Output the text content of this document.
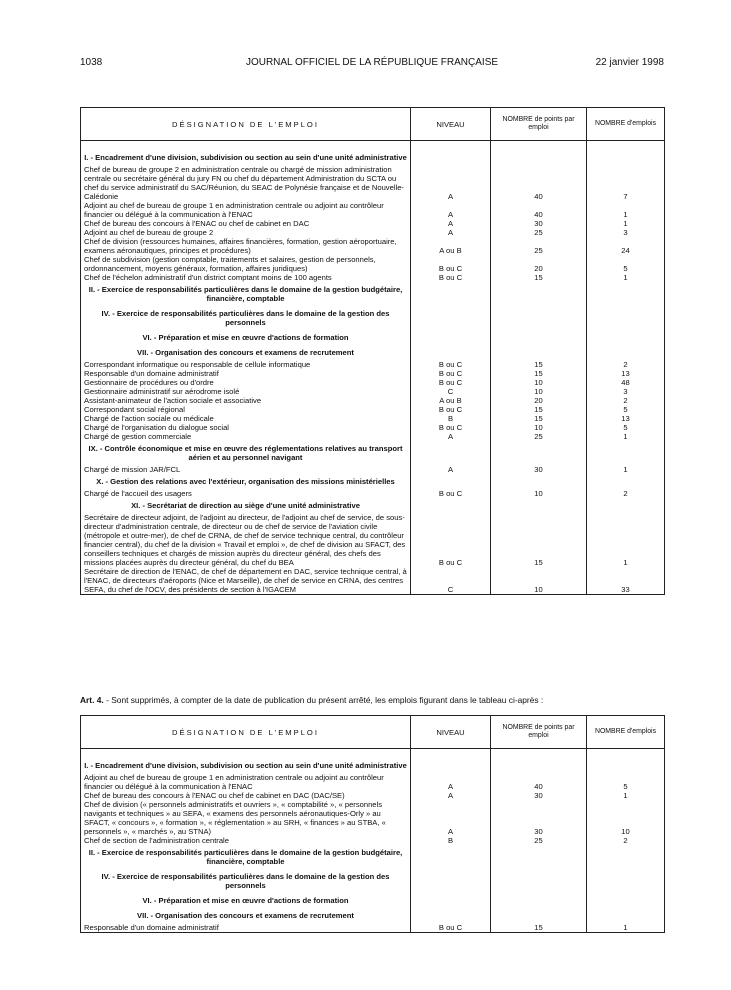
1038	JOURNAL OFFICIEL DE LA RÉPUBLIQUE FRANÇAISE	22 janvier 1998
DÉSIGNATION DE L'EMPLOI	NIVEAU	NOMBRE de points par emploi	NOMBRE d'emplois

I. - Encadrement d'une division, subdivision ou section au sein d'une unité administrative			
Chef de bureau de groupe 2 en administration centrale ou chargé de mission administration centrale ou secrétaire général du jury FN ou chef du département Administration du SCTA ou chef du service administratif du SAC/Réunion, du SEAC de Polynésie française et de Nouvelle-Calédonie	A	40	7
Adjoint au chef de bureau de groupe 1 en administration centrale ou adjoint au contrôleur financier ou délégué à la communication à l'ENAC	A	40	1
Chef de bureau des concours à l'ENAC ou chef de cabinet en DAC	A	30	1
Adjoint au chef de bureau de groupe 2	A	25	3
Chef de division (ressources humaines, affaires financières, formation, gestion aéroportuaire, examens aéronautiques, principes et procédures)	A ou B	25	24
Chef de subdivision (gestion comptable, traitements et salaires, gestion de personnels, ordonnancement, moyens généraux, formation, affaires juridiques)	B ou C	20	5
Chef de l'échelon administratif d'un district comptant moins de 100 agents	B ou C	15	1
II. - Exercice de responsabilités particulières dans le domaine de la gestion budgétaire, financière, comptable			
IV. - Exercice de responsabilités particulières dans le domaine de la gestion des personnels			
VI. - Préparation et mise en œuvre d'actions de formation			
VII. - Organisation des concours et examens de recrutement			
Correspondant informatique ou responsable de cellule informatique	B ou C	15	2
Responsable d'un domaine administratif	B ou C	15	13
Gestionnaire de procédures ou d'ordre	B ou C	10	48
Gestionnaire administratif sur aérodrome isolé	C	10	3
Assistant-animateur de l'action sociale et associative	A ou B	20	2
Correspondant social régional	B ou C	15	5
Chargé de l'action sociale ou médicale	B	15	13
Chargé de l'organisation du dialogue social	B ou C	10	5
Chargé de gestion commerciale	A	25	1
IX. - Contrôle économique et mise en œuvre des réglementations relatives au transport aérien et au personnel navigant			
Chargé de mission JAR/FCL	A	30	1
X. - Gestion des relations avec l'extérieur, organisation des missions ministérielles			
Chargé de l'accueil des usagers	B ou C	10	2
XI. - Secrétariat de direction au siège d'une unité administrative			
Secrétaire de directeur adjoint, de l'adjoint au directeur, de l'adjoint au chef de service, de sous-directeur d'administration centrale, de directeur ou de chef de service de l'aviation civile (métropole et outre-mer), de chef de CRNA, de chef de service technique central, du contrôleur financier central), du chef de la division « Travail et emploi », de chef de division au SFACT, des conseillers techniques et chargés de mission auprès du directeur général, des chefs des missions placées auprès du directeur général, du chef du BEA	B ou C	15	1
Secrétaire de direction de l'ENAC, de chef de département en DAC, service technique central, à l'ENAC, de directeurs d'aéroports (Nice et Marseille), de chef de service en CRNA, des centres SEFA, du chef de l'OCV, des présidents de section à l'IGACEM	C	10	33
Art. 4. - Sont supprimés, à compter de la date de publication du présent arrêté, les emplois figurant dans le tableau ci-après :
DÉSIGNATION DE L'EMPLOI	NIVEAU	NOMBRE de points par emploi	NOMBRE d'emplois

I. - Encadrement d'une division, subdivision ou section au sein d'une unité administrative			
Adjoint au chef de bureau de groupe 1 en administration centrale ou adjoint au contrôleur financier ou délégué à la communication à l'ENAC	A	40	5
Chef de bureau des concours à l'ENAC ou chef de cabinet en DAC (DAC/SE)	A	30	1
Chef de division (« personnels administratifs et ouvriers », « comptabilité », « personnels navigants et techniques » au SEFA, « examens des personnels aéronautiques-Orly » au SFACT, « concours », « formation », « réglementation » au SRH, « finances » au STBA, « personnels », « marchés », au STNA)	A	30	10
Chef de section de l'administration centrale	B	25	2
II. - Exercice de responsabilités particulières dans le domaine de la gestion budgétaire, financière, comptable			
IV. - Exercice de responsabilités particulières dans le domaine de la gestion des personnels			
VI. - Préparation et mise en œuvre d'actions de formation			
VII. - Organisation des concours et examens de recrutement			
Responsable d'un domaine administratif	B ou C	15	1
